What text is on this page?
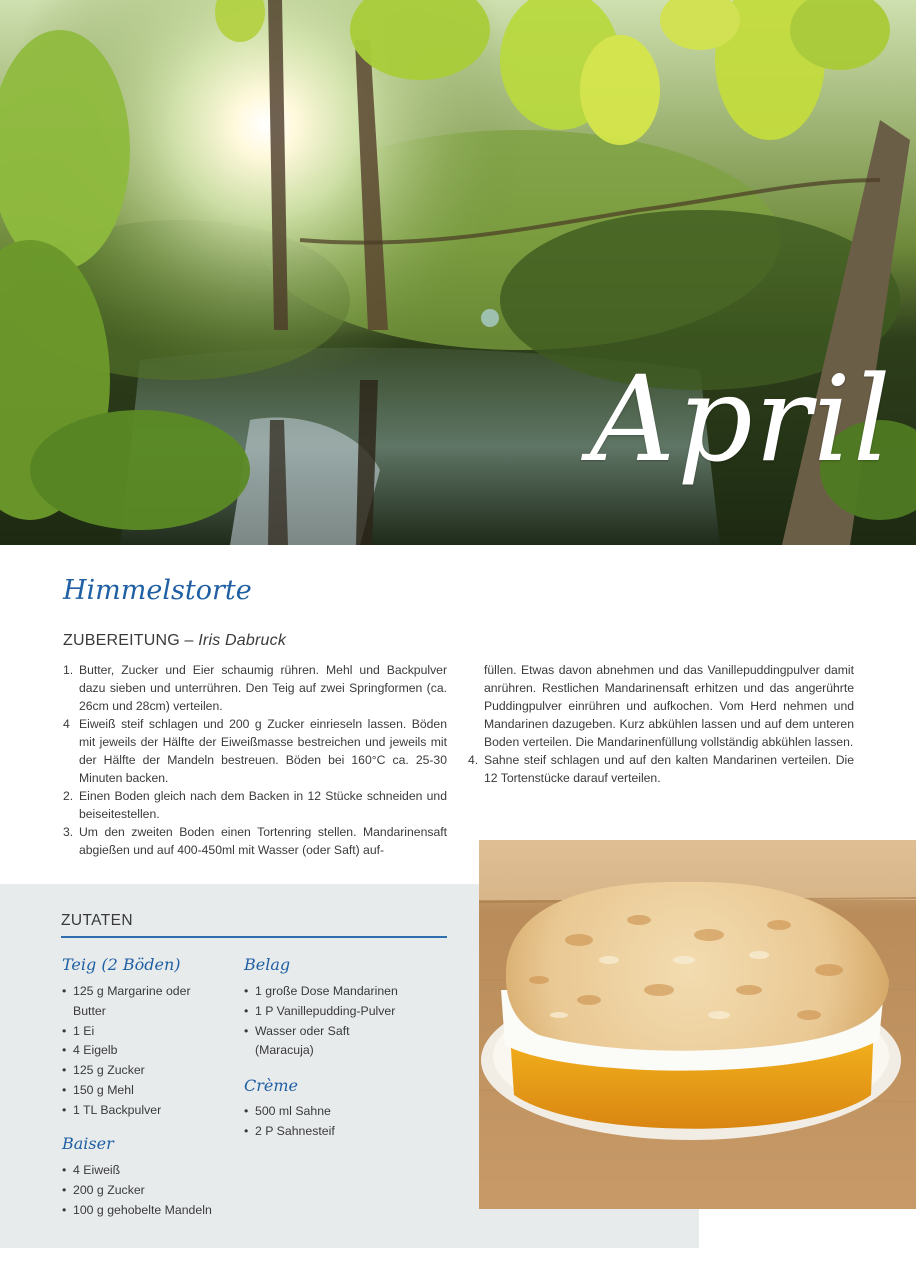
April
Himmelstorte
ZUBEREITUNG – Iris Dabruck
1. Butter, Zucker und Eier schaumig rühren. Mehl und Backpulver dazu sieben und unterrühren. Den Teig auf zwei Springformen (ca. 26cm und 28cm) verteilen.
4 Eiweiß steif schlagen und 200 g Zucker einrieseln lassen. Böden mit jeweils der Hälfte der Eiweißmasse bestreichen und jeweils mit der Hälfte der Mandeln bestreuen. Böden bei 160°C ca. 25-30 Minuten backen.
2. Einen Boden gleich nach dem Backen in 12 Stücke schneiden und beiseitestellen.
3. Um den zweiten Boden einen Tortenring stellen. Mandarinensaft abgießen und auf 400-450ml mit Wasser (oder Saft) auf-
füllen. Etwas davon abnehmen und das Vanillepuddingpulver damit anrühren. Restlichen Mandarinensaft erhitzen und das angerührte Puddingpulver einrühren und aufkochen. Vom Herd nehmen und Mandarinen dazugeben. Kurz abkühlen lassen und auf dem unteren Boden verteilen. Die Mandarinenfüllung vollständig abkühlen lassen.
4. Sahne steif schlagen und auf den kalten Mandarinen verteilen. Die 12 Tortenstücke darauf verteilen.
ZUTATEN
Teig (2 Böden)
• 125 g Margarine oder
Butter
• 1 Ei
• 4 Eigelb
• 125 g Zucker
• 150 g Mehl
• 1 TL Backpulver
Baiser
• 4 Eiweiß
• 200 g Zucker
• 100 g gehobelte Mandeln
Belag
• 1 große Dose Mandarinen
• 1 P Vanillepudding-Pulver
• Wasser oder Saft
(Maracuja)
Crème
• 500 ml Sahne
• 2 P Sahnesteif
